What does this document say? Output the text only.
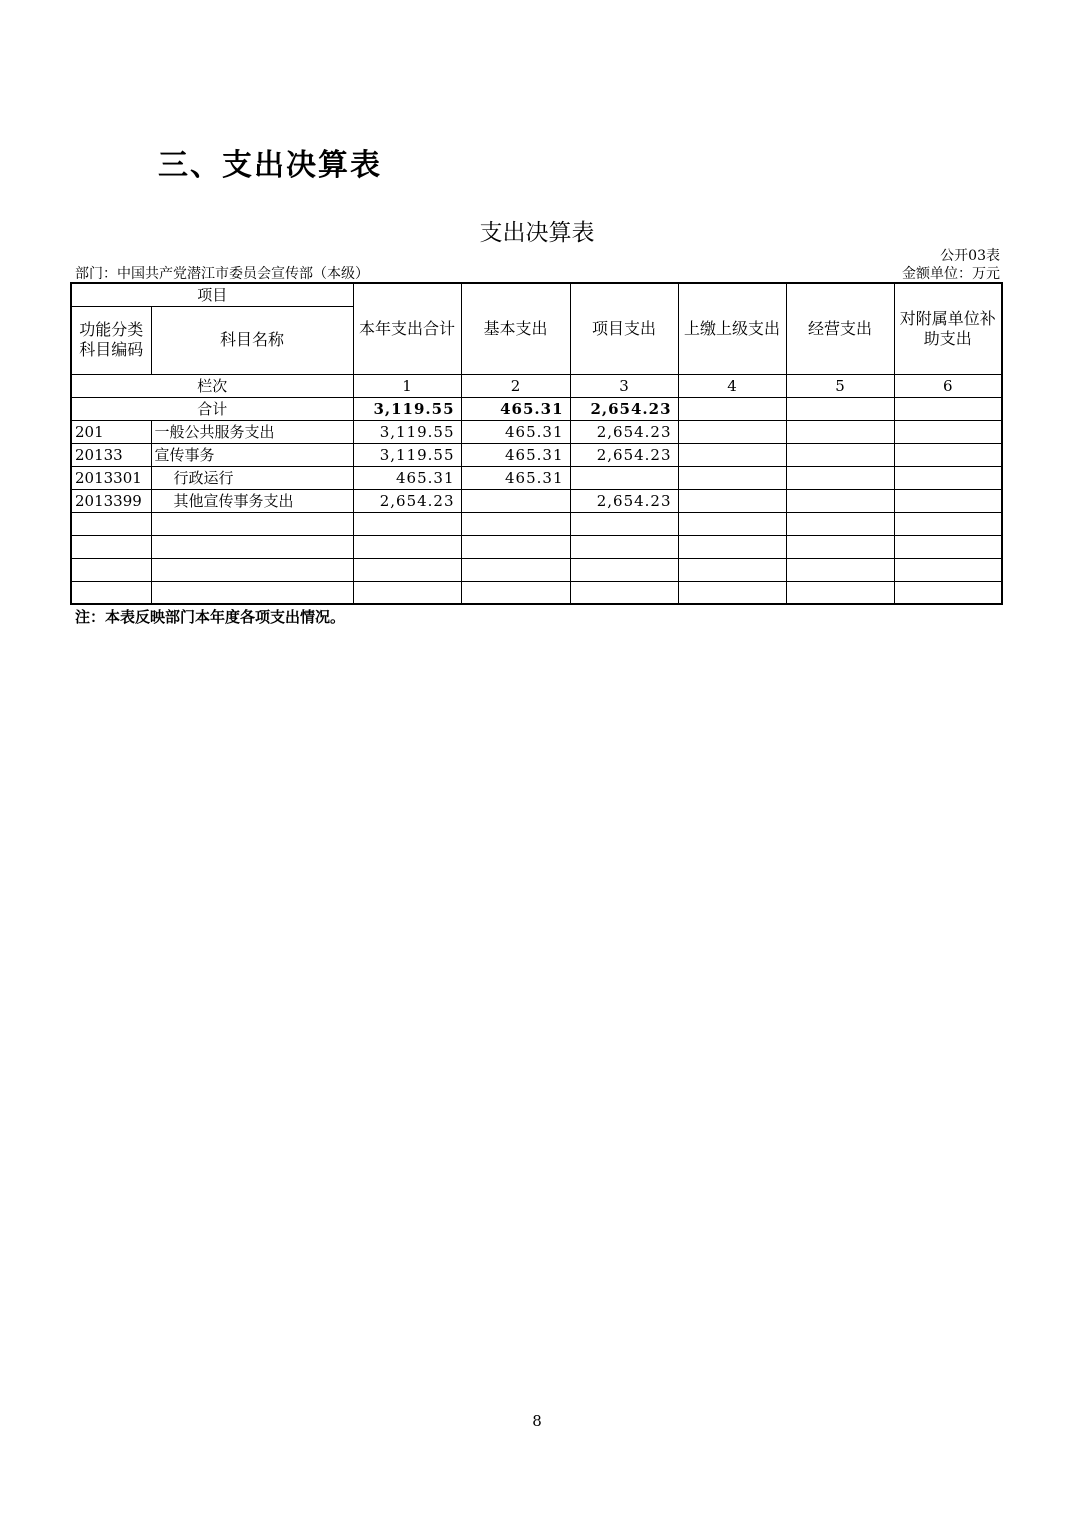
三、支出决算表
支出决算表
公开03表
部门：中国共产党潜江市委员会宣传部（本级）	金额单位：万元
项目		本年支出合计	基本支出	项目支出	上缴上级支出	经营支出	对附属单位补助支出
功能分类科目编码	科目名称						
栏次		1	2	3	4	5	6
合计		3,119.55	465.31	2,654.23			
201	一般公共服务支出	3,119.55	465.31	2,654.23			
20133	宣传事务	3,119.55	465.31	2,654.23			
2013301	行政运行	465.31	465.31				
2013399	其他宣传事务支出	2,654.23		2,654.23			

注：本表反映部门本年度各项支出情况。
8
